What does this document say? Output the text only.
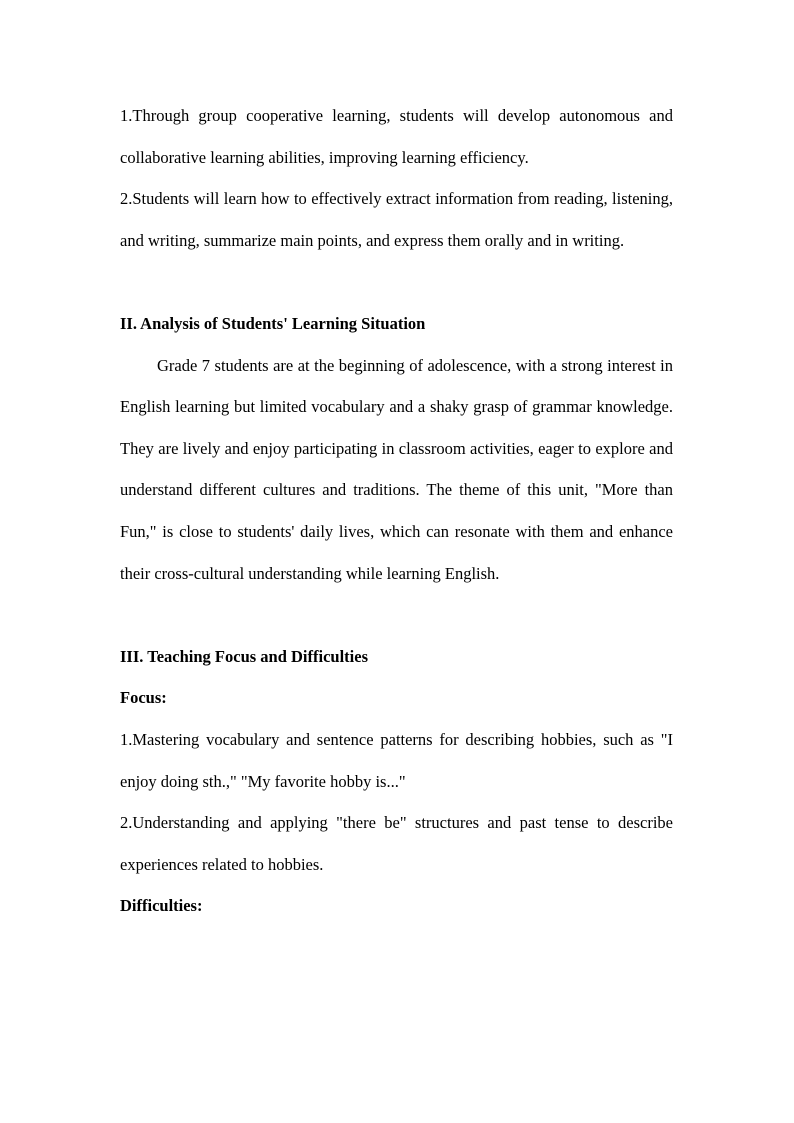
1.Through group cooperative learning, students will develop autonomous and collaborative learning abilities, improving learning efficiency.

2.Students will learn how to effectively extract information from reading, listening, and writing, summarize main points, and express them orally and in writing.

II. Analysis of Students' Learning Situation

Grade 7 students are at the beginning of adolescence, with a strong interest in English learning but limited vocabulary and a shaky grasp of grammar knowledge. They are lively and enjoy participating in classroom activities, eager to explore and understand different cultures and traditions. The theme of this unit, "More than Fun," is close to students' daily lives, which can resonate with them and enhance their cross-cultural understanding while learning English.

III. Teaching Focus and Difficulties

Focus:

1.Mastering vocabulary and sentence patterns for describing hobbies, such as "I enjoy doing sth.," "My favorite hobby is..."

2.Understanding and applying "there be" structures and past tense to describe experiences related to hobbies.

Difficulties:
